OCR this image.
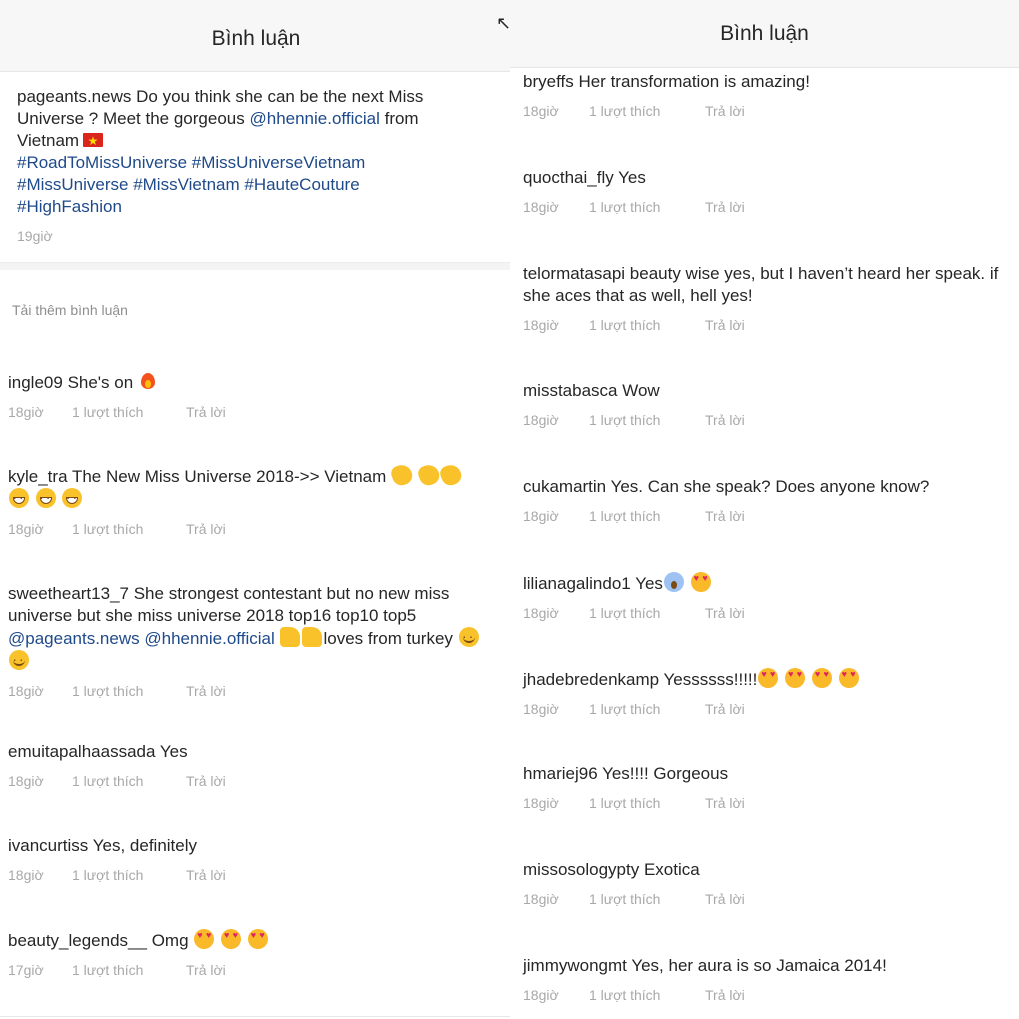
Bình luận
pageants.news Do you think she can be the next Miss Universe ? Meet the gorgeous @hhennie.official from Vietnam★
#RoadToMissUniverse #MissUniverseVietnam
#MissUniverse #MissVietnam #HauteCouture
#HighFashion
19giờ
Tải thêm bình luận
ingle09 She's on
18giờ 1 lượt thích	Trả lời
kyle_tra The New Miss Universe 2018->> Vietnam   ·· ·· ··
18giờ 1 lượt thích	Trả lời
sweetheart13_7 She strongest contestant but no new miss universe but she miss universe 2018 top16 top10 top5 @pageants.news @hhennie.official	loves from turkey ·· ··
18giờ 1 lượt thích	Trả lời
emuitapalhaassada Yes
18giờ 1 lượt thích	Trả lời
ivancurtiss Yes, definitely
18giờ 1 lượt thích	Trả lời
beauty_legends__ Omg ♥ ♥ ♥ ♥ ♥ ♥
17giờ 1 lượt thích	Trả lời
Bình luận
bryeffs Her transformation is amazing!
18giờ 1 lượt thích	Trả lời
quocthai_fly Yes
18giờ 1 lượt thích	Trả lời
telormatasapi beauty wise yes, but I haven’t heard her speak. if she aces that as well, hell yes!
18giờ 1 lượt thích	Trả lời
misstabasca Wow
18giờ 1 lượt thích	Trả lời
cukamartin Yes. Can she speak? Does anyone know?
18giờ 1 lượt thích	Trả lời
lilianagalindo1 Yes ♥ ♥
18giờ 1 lượt thích	Trả lời
jhadebredenkamp Yessssss!!!!!♥ ♥ ♥ ♥ ♥ ♥ ♥ ♥
18giờ 1 lượt thích	Trả lời
hmariej96 Yes!!!! Gorgeous
18giờ 1 lượt thích	Trả lời
missosologypty Exotica
18giờ 1 lượt thích	Trả lời
jimmywongmt Yes, her aura is so Jamaica 2014!
18giờ 1 lượt thích	Trả lời
↖
